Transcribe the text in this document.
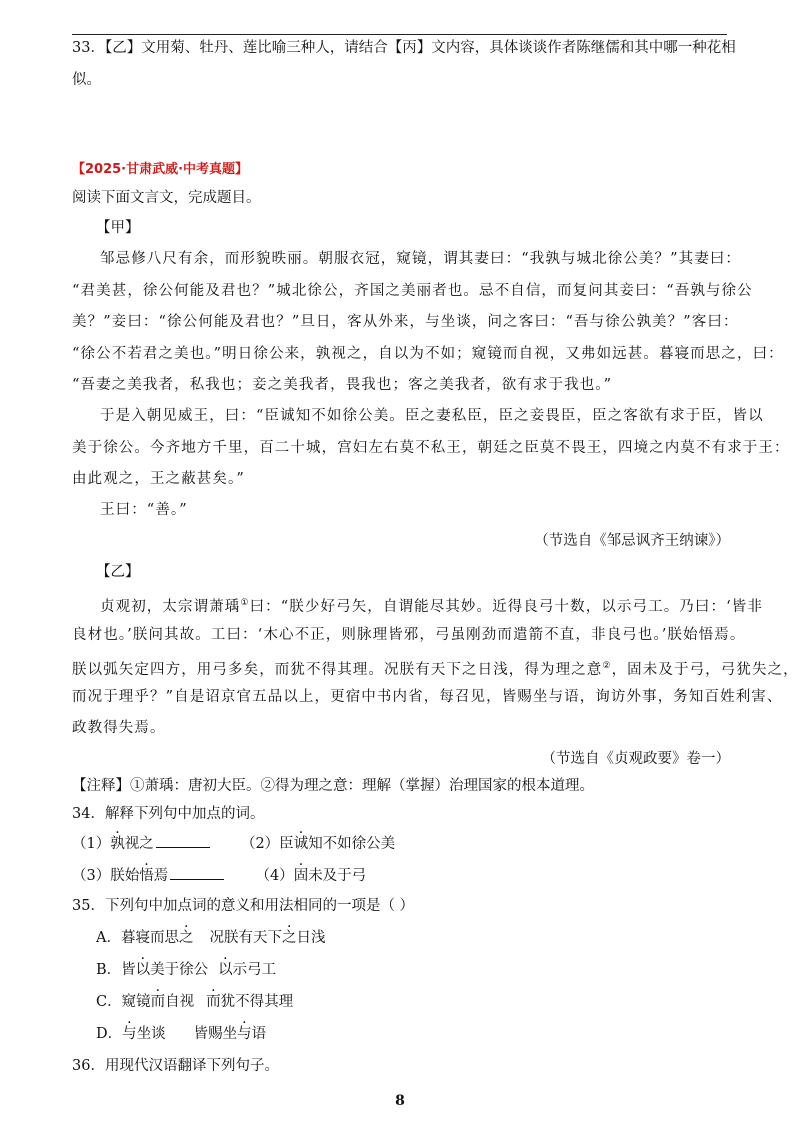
33．【乙】文用菊、牡丹、莲比喻三种人，请结合【丙】文内容，具体谈谈作者陈继儒和其中哪一种花相
似。
【2025·甘肃武威·中考真题】
阅读下面文言文，完成题目。
【甲】
邹忌修八尺有余，而形貌昳丽。朝服衣冠，窥镜，谓其妻曰：“我孰与城北徐公美？”其妻曰：
“君美甚，徐公何能及君也？”城北徐公，齐国之美丽者也。忌不自信，而复问其妾曰：“吾孰与徐公
美？”妾曰：“徐公何能及君也？”旦日，客从外来，与坐谈，问之客曰：“吾与徐公孰美？”客曰：
“徐公不若君之美也。”明日徐公来，孰视之，自以为不如；窥镜而自视，又弗如远甚。暮寝而思之，曰：
“吾妻之美我者，私我也；妾之美我者，畏我也；客之美我者，欲有求于我也。”
于是入朝见威王，曰：“臣诚知不如徐公美。臣之妻私臣，臣之妾畏臣，臣之客欲有求于臣，皆以
美于徐公。今齐地方千里，百二十城，宫妇左右莫不私王，朝廷之臣莫不畏王，四境之内莫不有求于王：
由此观之，王之蔽甚矣。”
王曰：“善。”
（节选自《邹忌讽齐王纳谏》）
【乙】
贞观初，太宗谓萧瑀①曰：“朕少好弓矢，自谓能尽其妙。近得良弓十数，以示弓工。乃曰：‘皆非
良材也。’朕问其故。工曰：‘木心不正，则脉理皆邪，弓虽刚劲而遣箭不直，非良弓也。’朕始悟焉。
朕以弧矢定四方，用弓多矣，而犹不得其理。况朕有天下之日浅，得为理之意②，固未及于弓，弓犹失之，
而况于理乎？”自是诏京官五品以上，更宿中书内省，每召见，皆赐坐与语，询访外事，务知百姓利害、
政教得失焉。
（节选自《贞观政要》卷一）
【注释】①萧瑀：唐初大臣。②得为理之意：理解（掌握）治理国家的根本道理。
34．解释下列句中加点的词。
（1）孰视之	（2）臣诚知不如徐公美
（3）朕始悟焉	（4）固未及于弓
35．下列句中加点词的意义和用法相同的一项是（ ）
A．暮寝而思之 况朕有天下之日浅
B．皆以美于徐公 以示弓工
C．窥镜而自视 而犹不得其理
D．与坐谈 皆赐坐与语
36．用现代汉语翻译下列句子。
8
